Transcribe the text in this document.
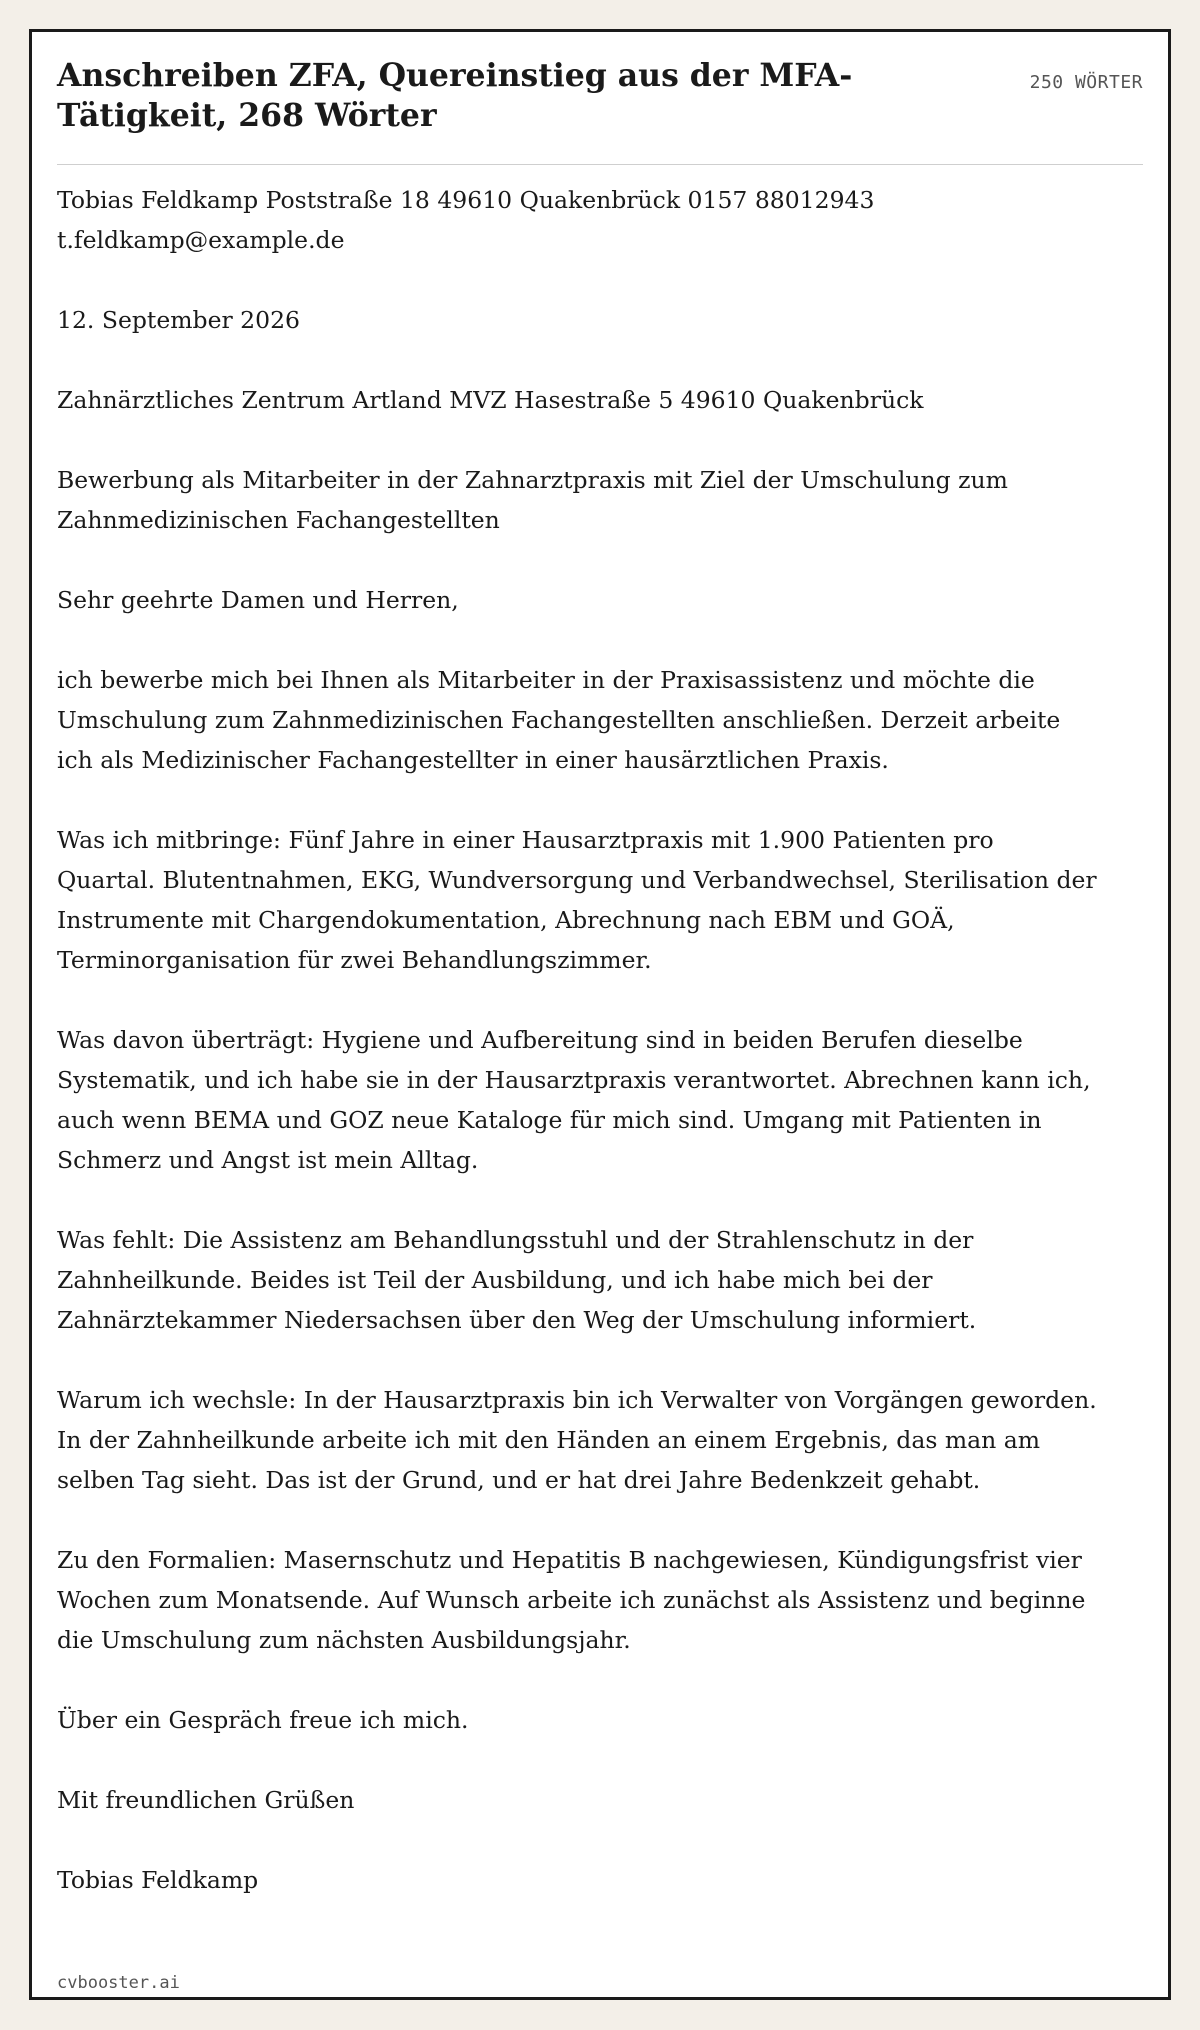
Anschreiben ZFA, Quereinstieg aus der MFA-Tätigkeit, 268 Wörter
250 WÖRTER

Tobias Feldkamp Poststraße 18 49610 Quakenbrück 0157 88012943 t.feldkamp@example.de

12. September 2026

Zahnärztliches Zentrum Artland MVZ Hasestraße 5 49610 Quakenbrück

Bewerbung als Mitarbeiter in der Zahnarztpraxis mit Ziel der Umschulung zum Zahnmedizinischen Fachangestellten

Sehr geehrte Damen und Herren,

ich bewerbe mich bei Ihnen als Mitarbeiter in der Praxisassistenz und möchte die Umschulung zum Zahnmedizinischen Fachangestellten anschließen. Derzeit arbeite ich als Medizinischer Fachangestellter in einer hausärztlichen Praxis.

Was ich mitbringe: Fünf Jahre in einer Hausarztpraxis mit 1.900 Patienten pro Quartal. Blutentnahmen, EKG, Wundversorgung und Verbandwechsel, Sterilisation der Instrumente mit Chargendokumentation, Abrechnung nach EBM und GOÄ, Terminorganisation für zwei Behandlungszimmer.

Was davon überträgt: Hygiene und Aufbereitung sind in beiden Berufen dieselbe Systematik, und ich habe sie in der Hausarztpraxis verantwortet. Abrechnen kann ich, auch wenn BEMA und GOZ neue Kataloge für mich sind. Umgang mit Patienten in Schmerz und Angst ist mein Alltag.

Was fehlt: Die Assistenz am Behandlungsstuhl und der Strahlenschutz in der Zahnheilkunde. Beides ist Teil der Ausbildung, und ich habe mich bei der Zahnärztekammer Niedersachsen über den Weg der Umschulung informiert.

Warum ich wechsle: In der Hausarztpraxis bin ich Verwalter von Vorgängen geworden. In der Zahnheilkunde arbeite ich mit den Händen an einem Ergebnis, das man am selben Tag sieht. Das ist der Grund, und er hat drei Jahre Bedenkzeit gehabt.

Zu den Formalien: Masernschutz und Hepatitis B nachgewiesen, Kündigungsfrist vier Wochen zum Monatsende. Auf Wunsch arbeite ich zunächst als Assistenz und beginne die Umschulung zum nächsten Ausbildungsjahr.

Über ein Gespräch freue ich mich.

Mit freundlichen Grüßen

Tobias Feldkamp

cvbooster.ai
